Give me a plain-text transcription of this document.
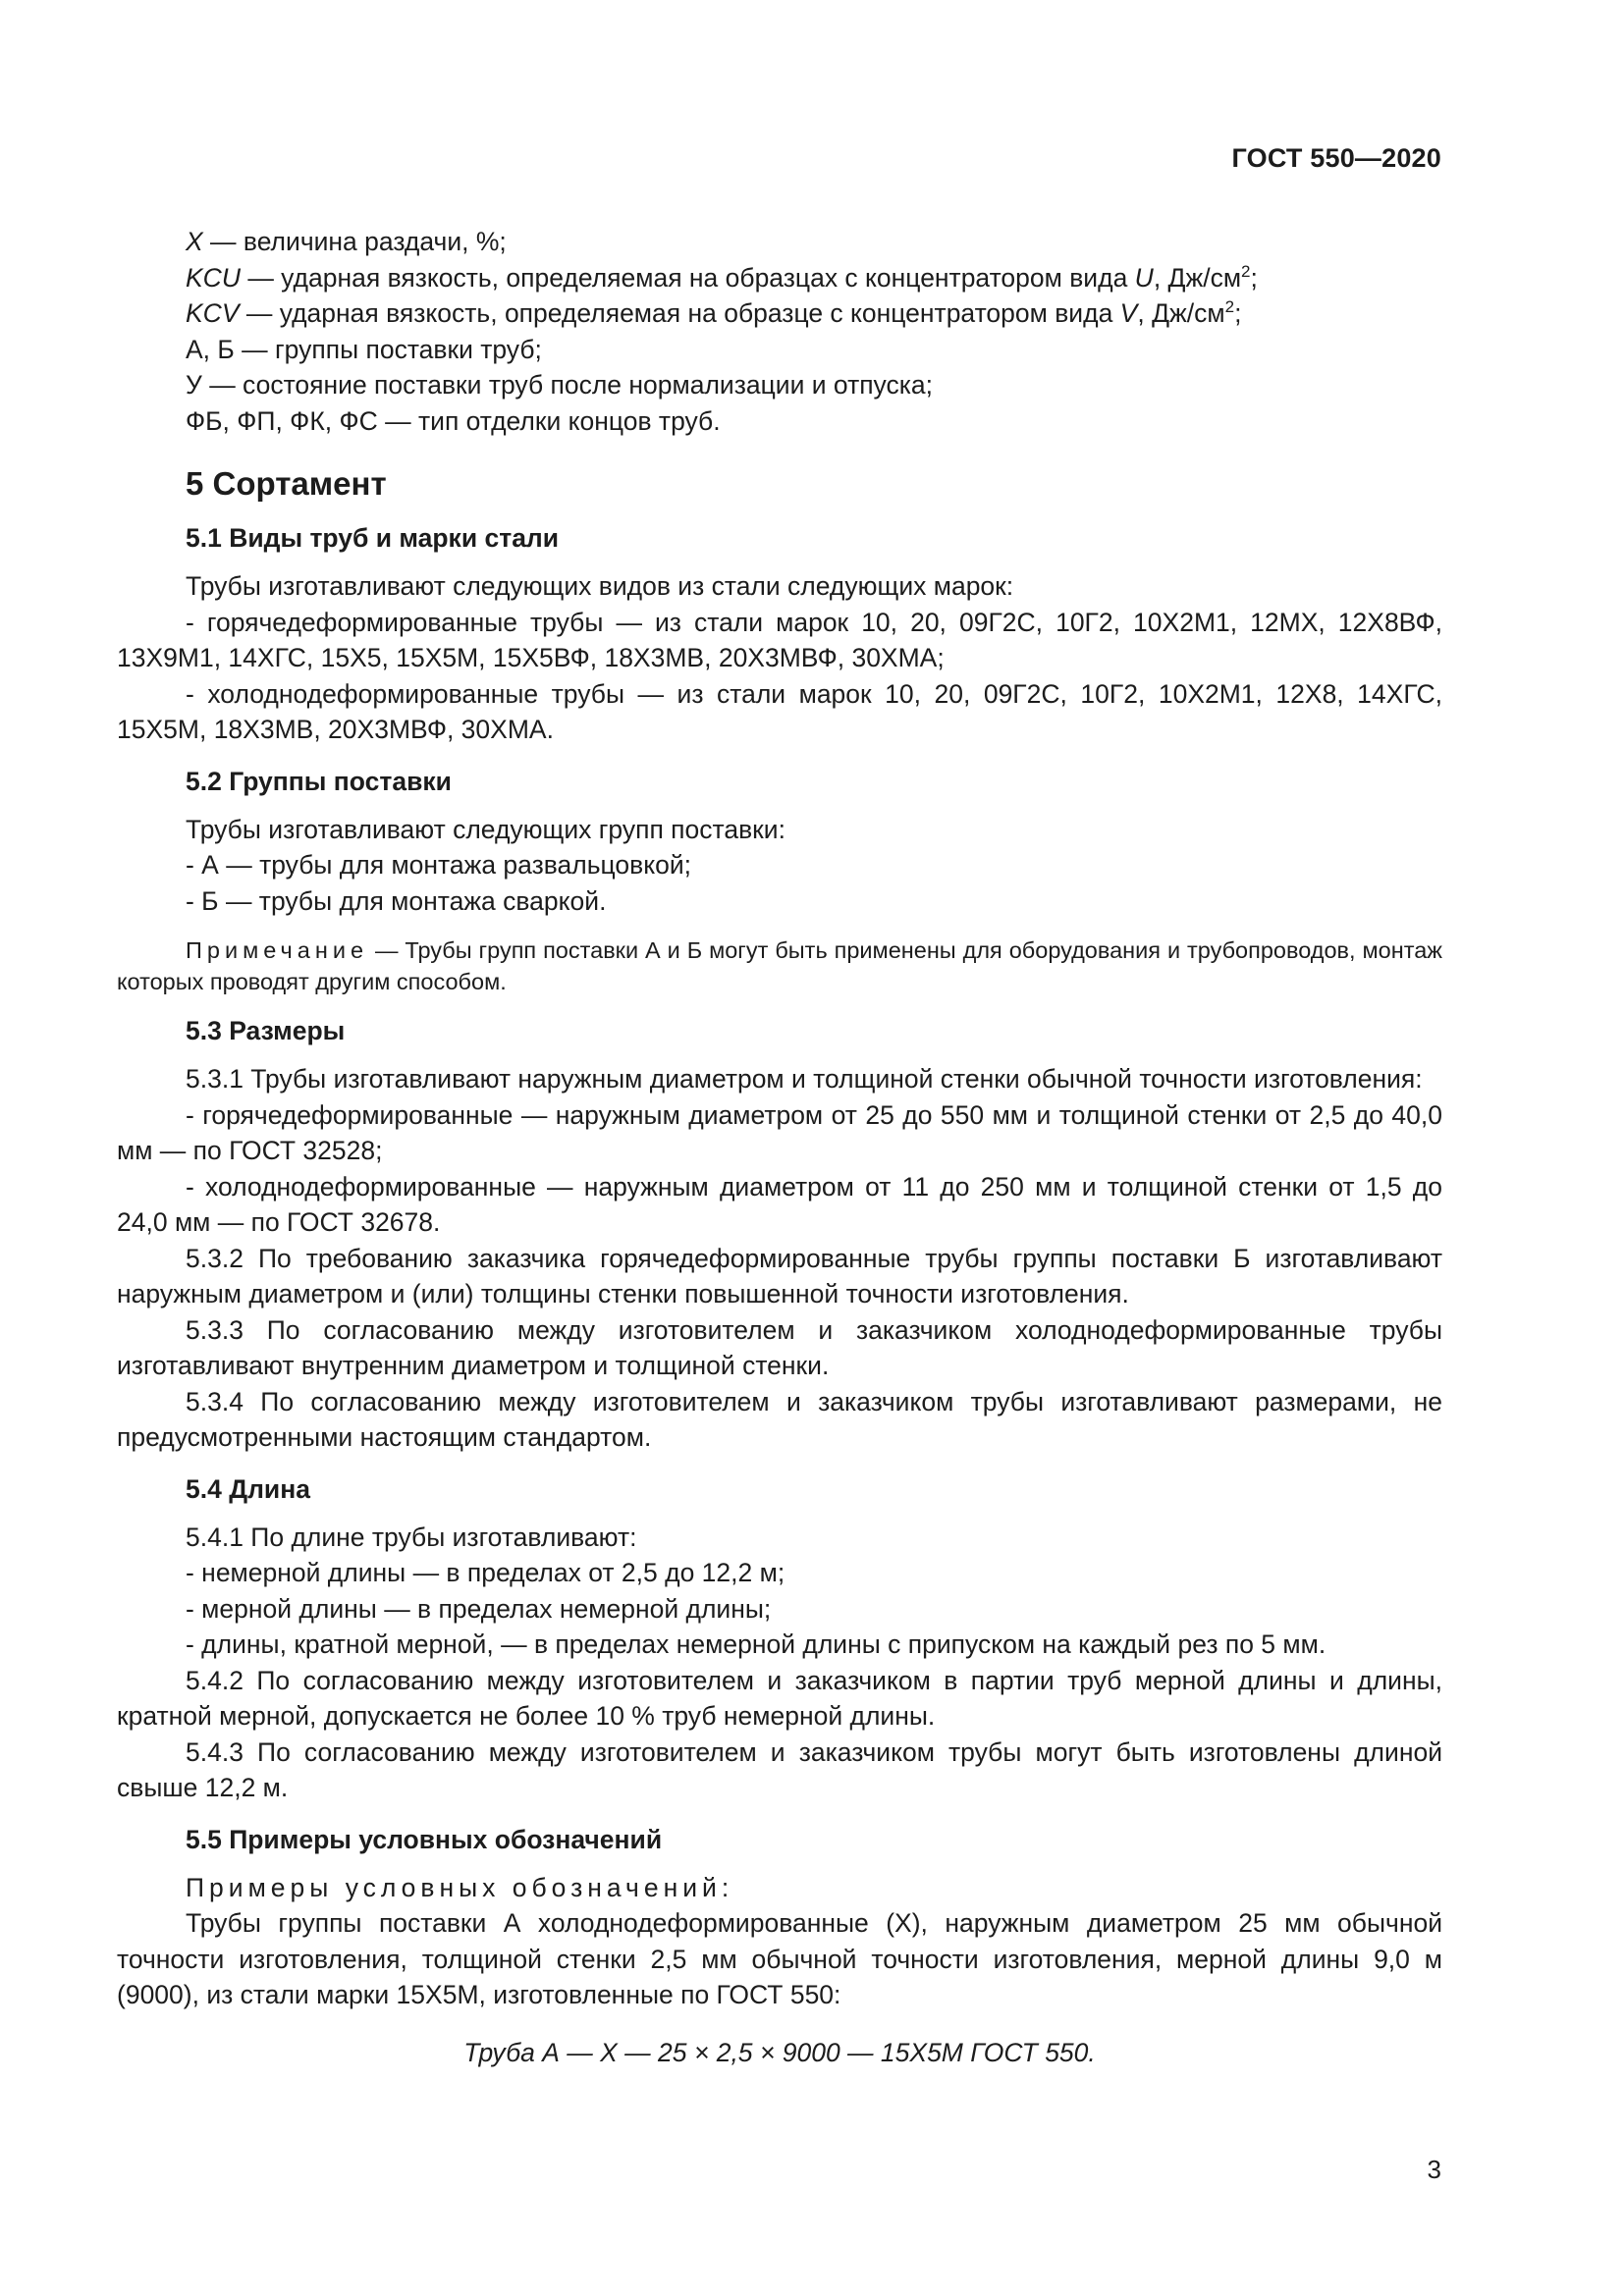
ГОСТ 550—2020

X — величина раздачи, %;

KCU — ударная вязкость, определяемая на образцах с концентратором вида U, $Дж/см^2$;

KCV — ударная вязкость, определяемая на образце с концентратором вида V, $Дж/см^2$;

А, Б — группы поставки труб;

У — состояние поставки труб после нормализации и отпуска;

ФБ, ФП, ФК, ФС — тип отделки концов труб.

5 Сортамент
5.1 Виды труб и марки стали

Трубы изготавливают следующих видов из стали следующих марок:

- горячедеформированные трубы — из стали марок 10, 20, 09Г2С, 10Г2, 10Х2М1, 12МХ, 12Х8ВФ, 13Х9М1, 14ХГС, 15Х5, 15Х5М, 15Х5ВФ, 18Х3МВ, 20Х3МВФ, 30ХМА;

- холоднодеформированные трубы — из стали марок 10, 20, 09Г2С, 10Г2, 10Х2М1, 12Х8, 14ХГС, 15Х5М, 18Х3МВ, 20Х3МВФ, 30ХМА.

5.2 Группы поставки

Трубы изготавливают следующих групп поставки:

- А — трубы для монтажа развальцовкой;

- Б — трубы для монтажа сваркой.

Примечание — Трубы групп поставки А и Б могут быть применены для оборудования и трубопроводов, монтаж которых проводят другим способом.

5.3 Размеры

5.3.1 Трубы изготавливают наружным диаметром и толщиной стенки обычной точности изготовления:

- горячедеформированные — наружным диаметром от 25 до 550 мм и толщиной стенки от 2,5 до 40,0 мм — по ГОСТ 32528;

- холоднодеформированные — наружным диаметром от 11 до 250 мм и толщиной стенки от 1,5 до 24,0 мм — по ГОСТ 32678.

5.3.2 По требованию заказчика горячедеформированные трубы группы поставки Б изготавливают наружным диаметром и (или) толщины стенки повышенной точности изготовления.

5.3.3 По согласованию между изготовителем и заказчиком холоднодеформированные трубы изготавливают внутренним диаметром и толщиной стенки.

5.3.4 По согласованию между изготовителем и заказчиком трубы изготавливают размерами, не предусмотренными настоящим стандартом.

5.4 Длина

5.4.1 По длине трубы изготавливают:

- немерной длины — в пределах от 2,5 до 12,2 м;

- мерной длины — в пределах немерной длины;

- длины, кратной мерной, — в пределах немерной длины с припуском на каждый рез по 5 мм.

5.4.2 По согласованию между изготовителем и заказчиком в партии труб мерной длины и длины, кратной мерной, допускается не более 10 % труб немерной длины.

5.4.3 По согласованию между изготовителем и заказчиком трубы могут быть изготовлены длиной свыше 12,2 м.

5.5 Примеры условных обозначений

Примеры условных обозначений:

Трубы группы поставки А холоднодеформированные (Х), наружным диаметром 25 мм обычной точности изготовления, толщиной стенки 2,5 мм обычной точности изготовления, мерной длины 9,0 м (9000), из стали марки 15Х5М, изготовленные по ГОСТ 550:

Труба А — Х — 25 × 2,5 × 9000 — 15Х5М ГОСТ 550.

3
